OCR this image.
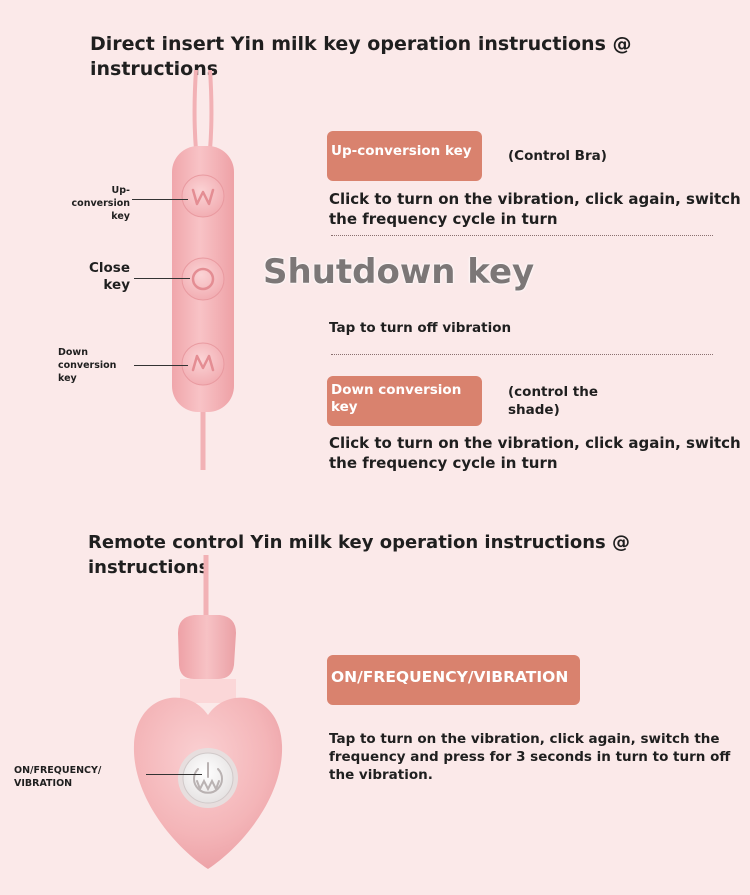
Direct insert Yin milk key operation instructions @
instructions
Up-
conversion
key
Close
key
Down
conversion
key
Up-conversion key	(Control Bra)
Click to turn on the vibration, click again, switch
the frequency cycle in turn
Shutdown key
Tap to turn off vibration
Down conversion
key
(control the
shade)
Click to turn on the vibration, click again, switch
the frequency cycle in turn
Remote control Yin milk key operation instructions @ instructions
ON/FREQUENCY/
VIBRATION
ON/FREQUENCY/VIBRATION
Tap to turn on the vibration, click again, switch the
frequency and press for 3 seconds in turn to turn off
the vibration.
